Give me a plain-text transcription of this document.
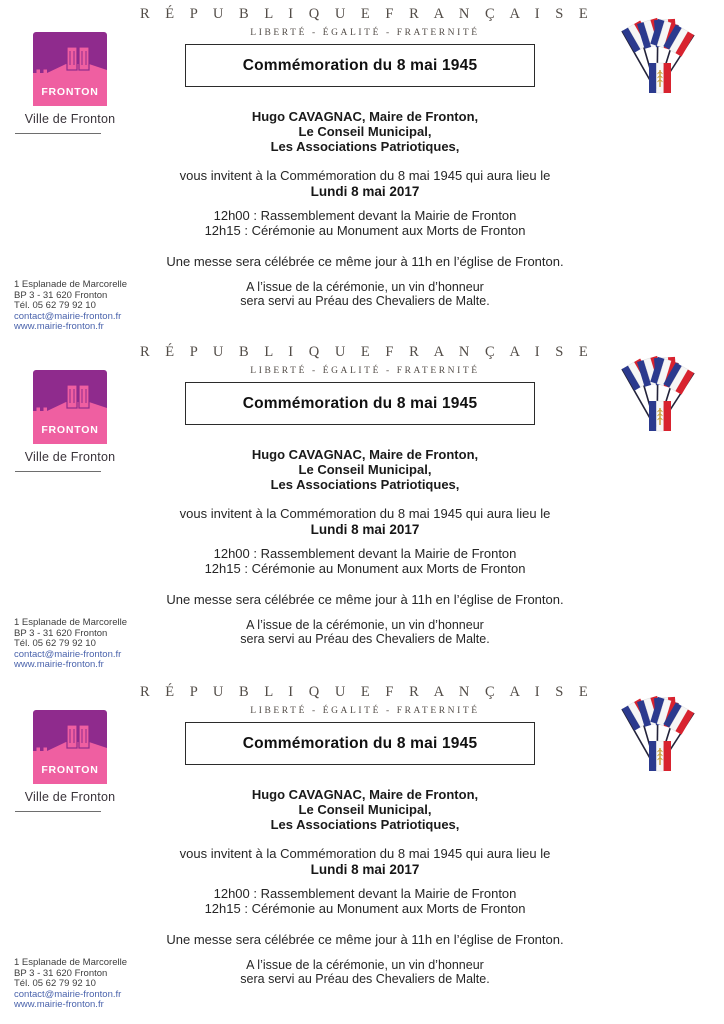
FRONTON
Ville de Fronton
1 Esplanade de Marcorelle
BP 3 - 31 620 Fronton
Tél. 05 62 79 92 10
contact@mairie-fronton.fr
www.mairie-fronton.fr
R É P U B L I Q U E F R A N Ç A I S E
LIBERTÉ - ÉGALITÉ - FRATERNITÉ
Commémoration du 8 mai 1945
Hugo CAVAGNAC, Maire de Fronton,
Le Conseil Municipal,
Les Associations Patriotiques,
vous invitent à la Commémoration du 8 mai 1945 qui aura lieu le
Lundi 8 mai 2017
12h00 : Rassemblement devant la Mairie de Fronton
12h15 : Cérémonie au Monument aux Morts de Fronton
Une messe sera célébrée ce même jour à 11h en l’église de Fronton.
A l’issue de la cérémonie, un vin d’honneur
sera servi au Préau des Chevaliers de Malte.
FRONTON
Ville de Fronton
1 Esplanade de Marcorelle
BP 3 - 31 620 Fronton
Tél. 05 62 79 92 10
contact@mairie-fronton.fr
www.mairie-fronton.fr
R É P U B L I Q U E F R A N Ç A I S E
LIBERTÉ - ÉGALITÉ - FRATERNITÉ
Commémoration du 8 mai 1945
Hugo CAVAGNAC, Maire de Fronton,
Le Conseil Municipal,
Les Associations Patriotiques,
vous invitent à la Commémoration du 8 mai 1945 qui aura lieu le
Lundi 8 mai 2017
12h00 : Rassemblement devant la Mairie de Fronton
12h15 : Cérémonie au Monument aux Morts de Fronton
Une messe sera célébrée ce même jour à 11h en l’église de Fronton.
A l’issue de la cérémonie, un vin d’honneur
sera servi au Préau des Chevaliers de Malte.
FRONTON
Ville de Fronton
1 Esplanade de Marcorelle
BP 3 - 31 620 Fronton
Tél. 05 62 79 92 10
contact@mairie-fronton.fr
www.mairie-fronton.fr
R É P U B L I Q U E F R A N Ç A I S E
LIBERTÉ - ÉGALITÉ - FRATERNITÉ
Commémoration du 8 mai 1945
Hugo CAVAGNAC, Maire de Fronton,
Le Conseil Municipal,
Les Associations Patriotiques,
vous invitent à la Commémoration du 8 mai 1945 qui aura lieu le
Lundi 8 mai 2017
12h00 : Rassemblement devant la Mairie de Fronton
12h15 : Cérémonie au Monument aux Morts de Fronton
Une messe sera célébrée ce même jour à 11h en l’église de Fronton.
A l’issue de la cérémonie, un vin d’honneur
sera servi au Préau des Chevaliers de Malte.
